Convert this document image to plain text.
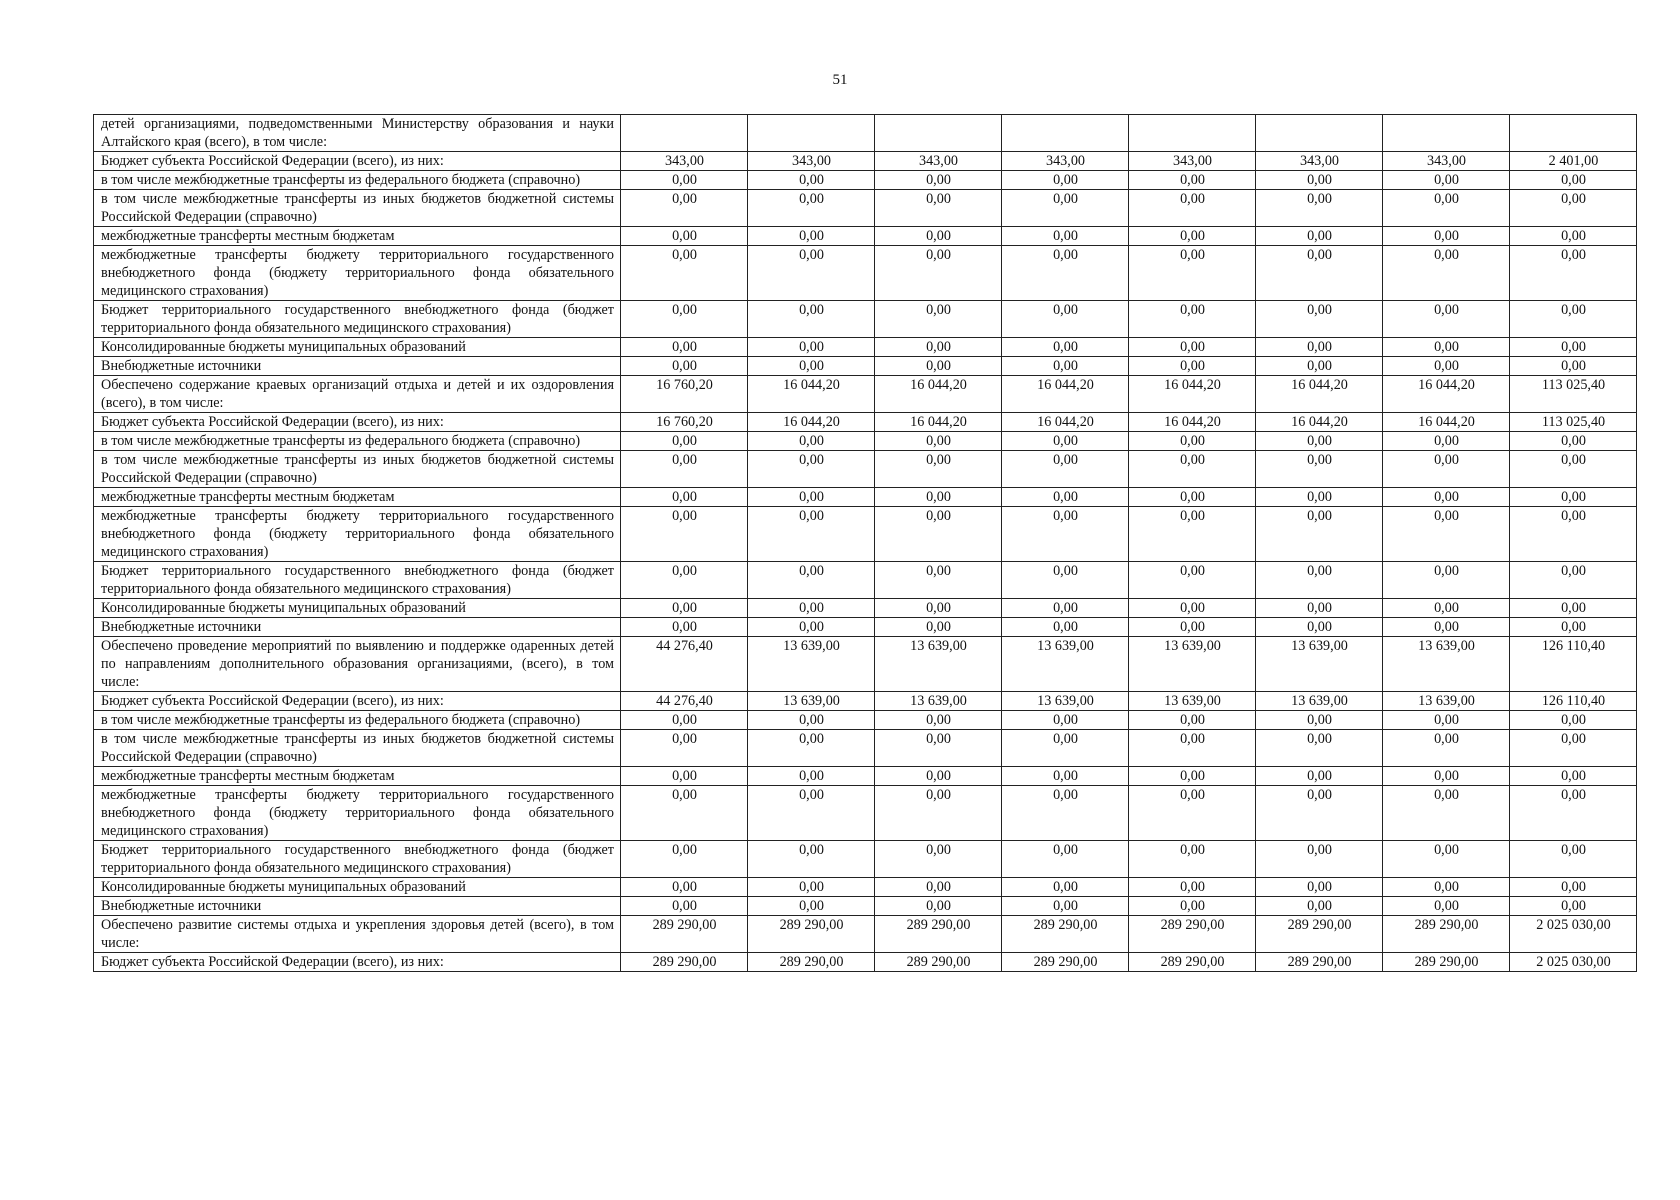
51
детей организациями, подведомственными Министерству образования и науки Алтайского края (всего), в том числе:								
Бюджет субъекта Российской Федерации (всего), из них:	343,00	343,00	343,00	343,00	343,00	343,00	343,00	2 401,00
в том числе межбюджетные трансферты из федерального бюджета (справочно)	0,00	0,00	0,00	0,00	0,00	0,00	0,00	0,00
в том числе межбюджетные трансферты из иных бюджетов бюджетной системы Российской Федерации (справочно)	0,00	0,00	0,00	0,00	0,00	0,00	0,00	0,00
межбюджетные трансферты местным бюджетам	0,00	0,00	0,00	0,00	0,00	0,00	0,00	0,00
межбюджетные трансферты бюджету территориального государственного внебюджетного фонда (бюджету территориального фонда обязательного медицинского страхования)	0,00	0,00	0,00	0,00	0,00	0,00	0,00	0,00
Бюджет территориального государственного внебюджетного фонда (бюджет территориального фонда обязательного медицинского страхования)	0,00	0,00	0,00	0,00	0,00	0,00	0,00	0,00
Консолидированные бюджеты муниципальных образований	0,00	0,00	0,00	0,00	0,00	0,00	0,00	0,00
Внебюджетные источники	0,00	0,00	0,00	0,00	0,00	0,00	0,00	0,00
Обеспечено содержание краевых организаций отдыха и детей и их оздоровления (всего), в том числе:	16 760,20	16 044,20	16 044,20	16 044,20	16 044,20	16 044,20	16 044,20	113 025,40
Бюджет субъекта Российской Федерации (всего), из них:	16 760,20	16 044,20	16 044,20	16 044,20	16 044,20	16 044,20	16 044,20	113 025,40
в том числе межбюджетные трансферты из федерального бюджета (справочно)	0,00	0,00	0,00	0,00	0,00	0,00	0,00	0,00
в том числе межбюджетные трансферты из иных бюджетов бюджетной системы Российской Федерации (справочно)	0,00	0,00	0,00	0,00	0,00	0,00	0,00	0,00
межбюджетные трансферты местным бюджетам	0,00	0,00	0,00	0,00	0,00	0,00	0,00	0,00
межбюджетные трансферты бюджету территориального государственного внебюджетного фонда (бюджету территориального фонда обязательного медицинского страхования)	0,00	0,00	0,00	0,00	0,00	0,00	0,00	0,00
Бюджет территориального государственного внебюджетного фонда (бюджет территориального фонда обязательного медицинского страхования)	0,00	0,00	0,00	0,00	0,00	0,00	0,00	0,00
Консолидированные бюджеты муниципальных образований	0,00	0,00	0,00	0,00	0,00	0,00	0,00	0,00
Внебюджетные источники	0,00	0,00	0,00	0,00	0,00	0,00	0,00	0,00
Обеспечено проведение мероприятий по выявлению и поддержке одаренных детей по направлениям дополнительного образования организациями, (всего), в том числе:	44 276,40	13 639,00	13 639,00	13 639,00	13 639,00	13 639,00	13 639,00	126 110,40
Бюджет субъекта Российской Федерации (всего), из них:	44 276,40	13 639,00	13 639,00	13 639,00	13 639,00	13 639,00	13 639,00	126 110,40
в том числе межбюджетные трансферты из федерального бюджета (справочно)	0,00	0,00	0,00	0,00	0,00	0,00	0,00	0,00
в том числе межбюджетные трансферты из иных бюджетов бюджетной системы Российской Федерации (справочно)	0,00	0,00	0,00	0,00	0,00	0,00	0,00	0,00
межбюджетные трансферты местным бюджетам	0,00	0,00	0,00	0,00	0,00	0,00	0,00	0,00
межбюджетные трансферты бюджету территориального государственного внебюджетного фонда (бюджету территориального фонда обязательного медицинского страхования)	0,00	0,00	0,00	0,00	0,00	0,00	0,00	0,00
Бюджет территориального государственного внебюджетного фонда (бюджет территориального фонда обязательного медицинского страхования)	0,00	0,00	0,00	0,00	0,00	0,00	0,00	0,00
Консолидированные бюджеты муниципальных образований	0,00	0,00	0,00	0,00	0,00	0,00	0,00	0,00
Внебюджетные источники	0,00	0,00	0,00	0,00	0,00	0,00	0,00	0,00
Обеспечено развитие системы отдыха и укрепления здоровья детей (всего), в том числе:	289 290,00	289 290,00	289 290,00	289 290,00	289 290,00	289 290,00	289 290,00	2 025 030,00
Бюджет субъекта Российской Федерации (всего), из них:	289 290,00	289 290,00	289 290,00	289 290,00	289 290,00	289 290,00	289 290,00	2 025 030,00
